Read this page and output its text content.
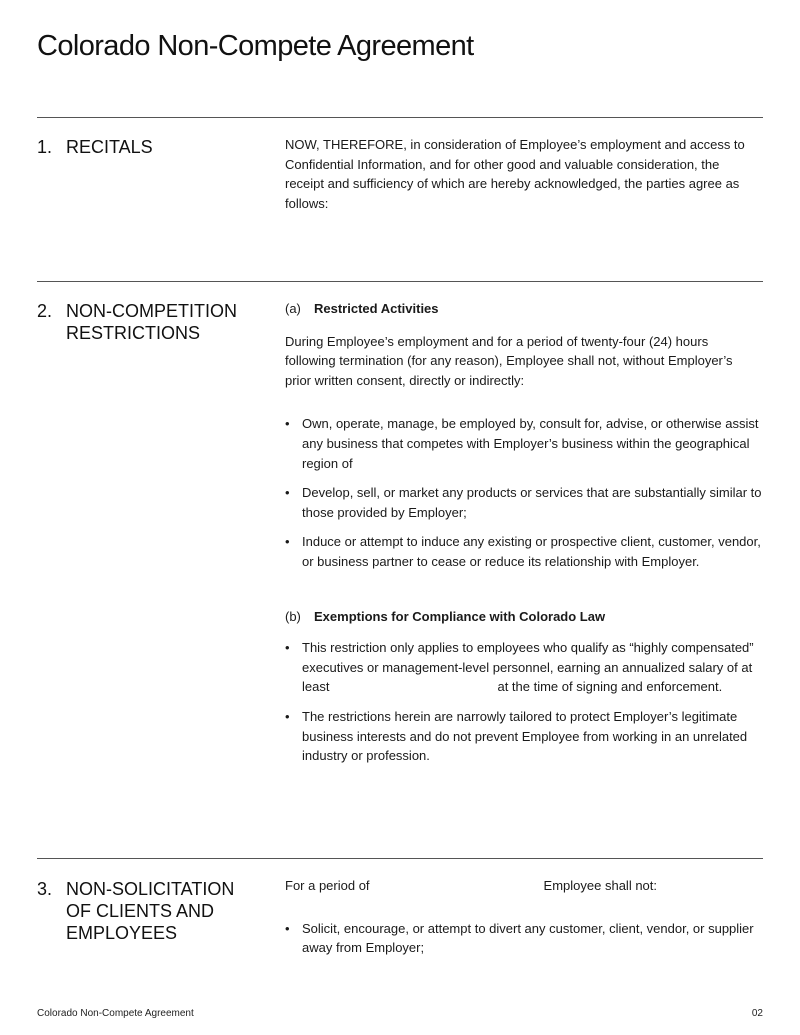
Colorado Non-Compete Agreement
1. RECITALS	NOW, THEREFORE, in consideration of Employee’s employment and access to Confidential Information, and for other good and valuable consideration, the receipt and sufficiency of which are hereby acknowledged, the parties agree as follows:
2. NON-COMPETITION RESTRICTIONS
(a)	Restricted Activities

During Employee’s employment and for a period of twenty-four (24) hours following termination (for any reason), Employee shall not, without Employer’s prior written consent, directly or indirectly:

• Own, operate, manage, be employed by, consult for, advise, or otherwise assist any business that competes with Employer’s business within the geographical region of
• Develop, sell, or market any products or services that are substantially similar to those provided by Employer;
• Induce or attempt to induce any existing or prospective client, customer, vendor, or business partner to cease or reduce its relationship with Employer.
(b)	Exemptions for Compliance with Colorado Law
• This restriction only applies to employees who qualify as “highly compensated” executives or management-level personnel, earning an annualized salary of at least	at the time of signing and enforcement.
• The restrictions herein are narrowly tailored to protect Employer’s legitimate business interests and do not prevent Employee from working in an unrelated industry or profession.
3. NON-SOLICITATION OF CLIENTS AND EMPLOYEES

For a period of	Employee shall not:

• Solicit, encourage, or attempt to divert any customer, client, vendor, or supplier away from Employer;
Colorado Non-Compete Agreement	02
